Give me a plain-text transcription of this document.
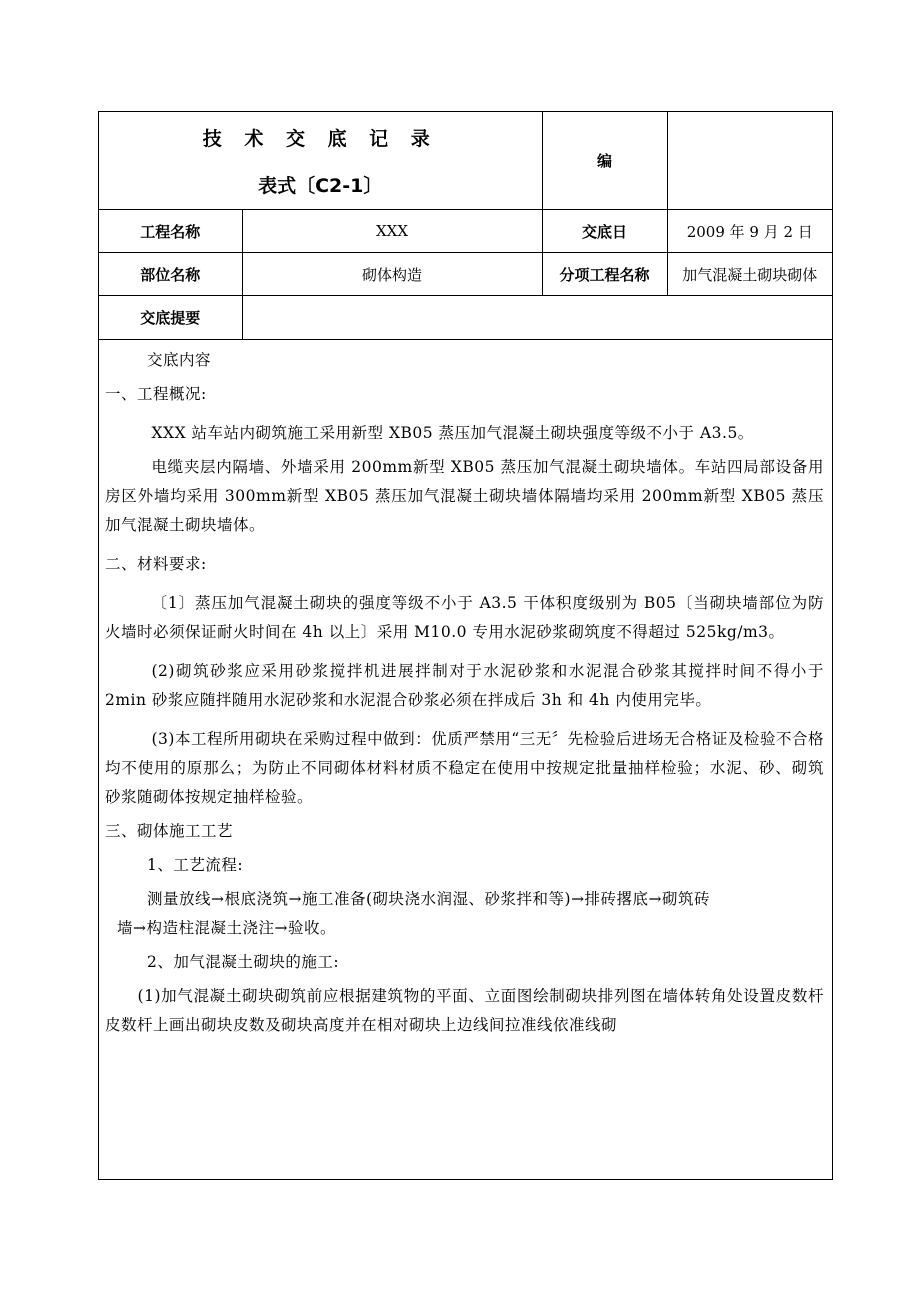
技 术 交 底 记 录
表式〔C2-1〕		编	
工程名称	XXX	交底日	2009 年 9 月 2 日
部位名称	砌体构造	分项工程名称	加气混凝土砌块砌体
交底提要			

交底内容

一、工程概况:

XXX 站车站内砌筑施工采用新型 XB05 蒸压加气混凝土砌块强度等级不小于 A3.5。

电缆夹层内隔墙、外墙采用 200mm新型 XB05 蒸压加气混凝土砌块墙体。车站四局部设备用房区外墙均采用 300mm新型 XB05 蒸压加气混凝土砌块墙体隔墙均采用 200mm新型 XB05 蒸压加气混凝土砌块墙体。

二、材料要求:

〔1〕蒸压加气混凝土砌块的强度等级不小于 A3.5 干体积度级别为 B05〔当砌块墙部位为防火墙时必须保证耐火时间在 4h 以上〕采用 M10.0 专用水泥砂浆砌筑度不得超过 525kg/m3。

(2)砌筑砂浆应采用砂浆搅拌机进展拌制对于水泥砂浆和水泥混合砂浆其搅拌时间不得小于 2min 砂浆应随拌随用水泥砂浆和水泥混合砂浆必须在拌成后 3h 和 4h 内使用完毕。

(3)本工程所用砌块在采购过程中做到：优质严禁用“三无〞先检验后进场无合格证及检验不合格均不使用的原那么；为防止不同砌体材料材质不稳定在使用中按规定批量抽样检验；水泥、砂、砌筑砂浆随砌体按规定抽样检验。

三、砌体施工工艺

1、工艺流程:

测量放线→根底浇筑→施工准备(砌块浇水润湿、砂浆拌和等)→排砖撂底→砌筑砖

墙→构造柱混凝土浇注→验收。

2、加气混凝土砌块的施工:

(1)加气混凝土砌块砌筑前应根据建筑物的平面、立面图绘制砌块排列图在墙体转角处设置皮数杆皮数杆上画出砌块皮数及砌块高度并在相对砌块上边线间拉准线依准线砌
